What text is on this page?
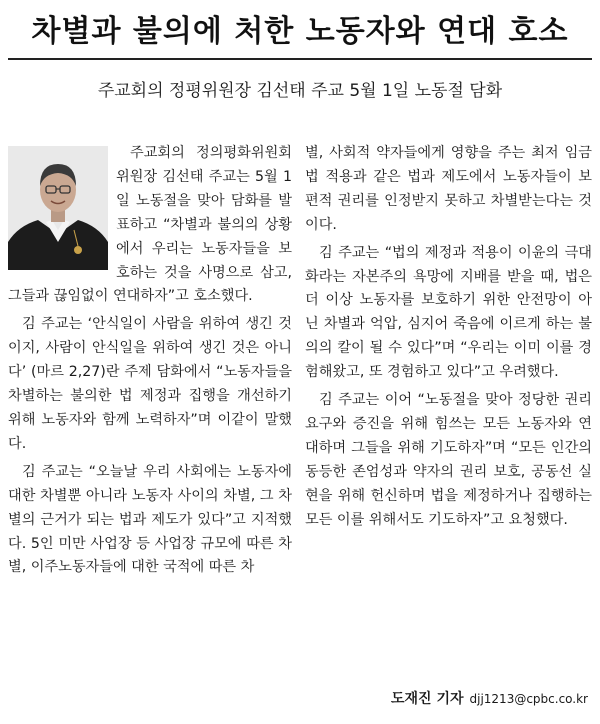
차별과 불의에 처한 노동자와 연대 호소
주교회의 정평위원장 김선태 주교 5월 1일 노동절 담화

주교회의 정의평화위원회 위원장 김선태 주교는 5월 1일 노동절을 맞아 담화를 발표하고 “차별과 불의의 상황에서 우리는 노동자들을 보호하는 것을 사명으로 삼고, 그들과 끊임없이 연대하자”고 호소했다.

김 주교는 ‘안식일이 사람을 위하여 생긴 것이지, 사람이 안식일을 위하여 생긴 것은 아니다’ (마르 2,27)란 주제 담화에서 “노동자들을 차별하는 불의한 법 제정과 집행을 개선하기 위해 노동자와 함께 노력하자”며 이같이 말했다.

김 주교는 “오늘날 우리 사회에는 노동자에 대한 차별뿐 아니라 노동자 사이의 차별, 그 차별의 근거가 되는 법과 제도가 있다”고 지적했다. 5인 미만 사업장 등 사업장 규모에 따른 차별, 이주노동자들에 대한 국적에 따른 차

별, 사회적 약자들에게 영향을 주는 최저 임금법 적용과 같은 법과 제도에서 노동자들이 보편적 권리를 인정받지 못하고 차별받는다는 것이다.

김 주교는 “법의 제정과 적용이 이윤의 극대화라는 자본주의 욕망에 지배를 받을 때, 법은 더 이상 노동자를 보호하기 위한 안전망이 아닌 차별과 억압, 심지어 죽음에 이르게 하는 불의의 칼이 될 수 있다”며 “우리는 이미 이를 경험해왔고, 또 경험하고 있다”고 우려했다.

김 주교는 이어 “노동절을 맞아 정당한 권리 요구와 증진을 위해 힘쓰는 모든 노동자와 연대하며 그들을 위해 기도하자”며 “모든 인간의 동등한 존엄성과 약자의 권리 보호, 공동선 실현을 위해 헌신하며 법을 제정하거나 집행하는 모든 이를 위해서도 기도하자”고 요청했다.

도재진 기자 djj1213@cpbc.co.kr
